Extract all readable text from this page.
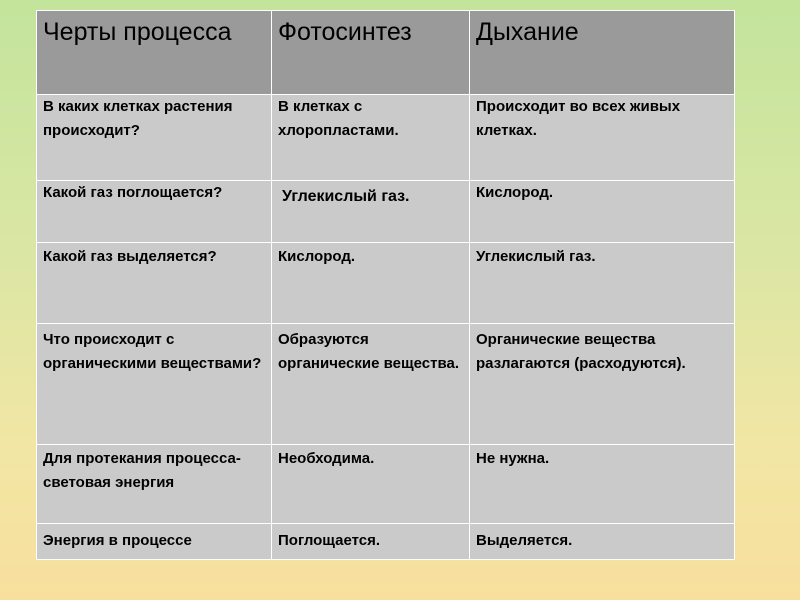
Черты процесса	Фотосинтез	Дыхание

В каких клетках растения происходит?	В клетках с хлоропластами.	Происходит во всех живых клетках.

Какой газ поглощается?	Углекислый газ.	Кислород.

Какой газ выделяется?	Кислород.	Углекислый газ.

Что происходит с органическими веществами?	Образуются органические вещества.	Органические вещества разлагаются (расходуются).

Для протекания процесса- световая энергия	Необходима.	Не нужна.

Энергия в процессе	Поглощается.	Выделяется.
